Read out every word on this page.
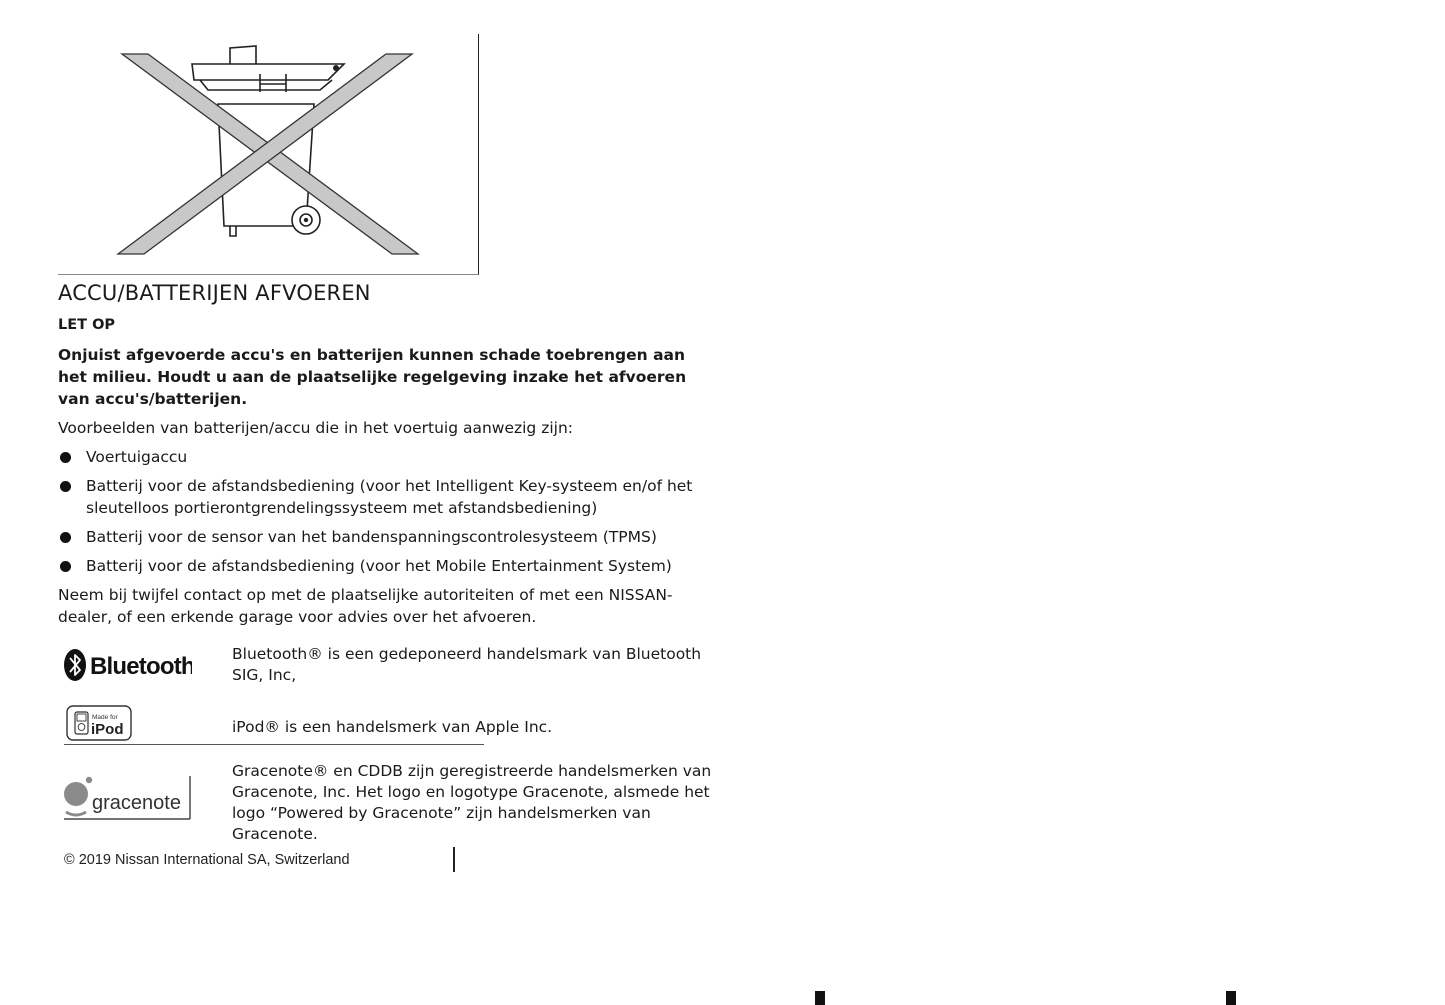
ACCU/BATTERIJEN AFVOEREN

LET OP

Onjuist afgevoerde accu's en batterijen kunnen schade toebrengen aan het milieu. Houdt u aan de plaatselijke regelgeving inzake het afvoeren van accu's/batterijen.

Voorbeelden van batterijen/accu die in het voertuig aanwezig zijn:

Voertuigaccu
Batterij voor de afstandsbediening (voor het Intelligent Key-systeem en/of het sleutelloos portierontgrendelingssysteem met afstandsbediening)
Batterij voor de sensor van het bandenspanningscontrolesysteem (TPMS)
Batterij voor de afstandsbediening (voor het Mobile Entertainment System)

Neem bij twijfel contact op met de plaatselijke autoriteiten of met een NISSAN-dealer, of een erkende garage voor advies over het afvoeren.

Bluetooth Bluetooth® is een gedeponeerd handelsmark van Bluetooth SIG, Inc,

Made for
iPod	iPod® is een handelsmerk van Apple Inc.

gracenote

Gracenote® en CDDB zijn geregistreerde handelsmerken van Gracenote, Inc. Het logo en logotype Gracenote, alsmede het logo “Powered by Gracenote” zijn handelsmerken van Gracenote.

© 2019 Nissan International SA, Switzerland
